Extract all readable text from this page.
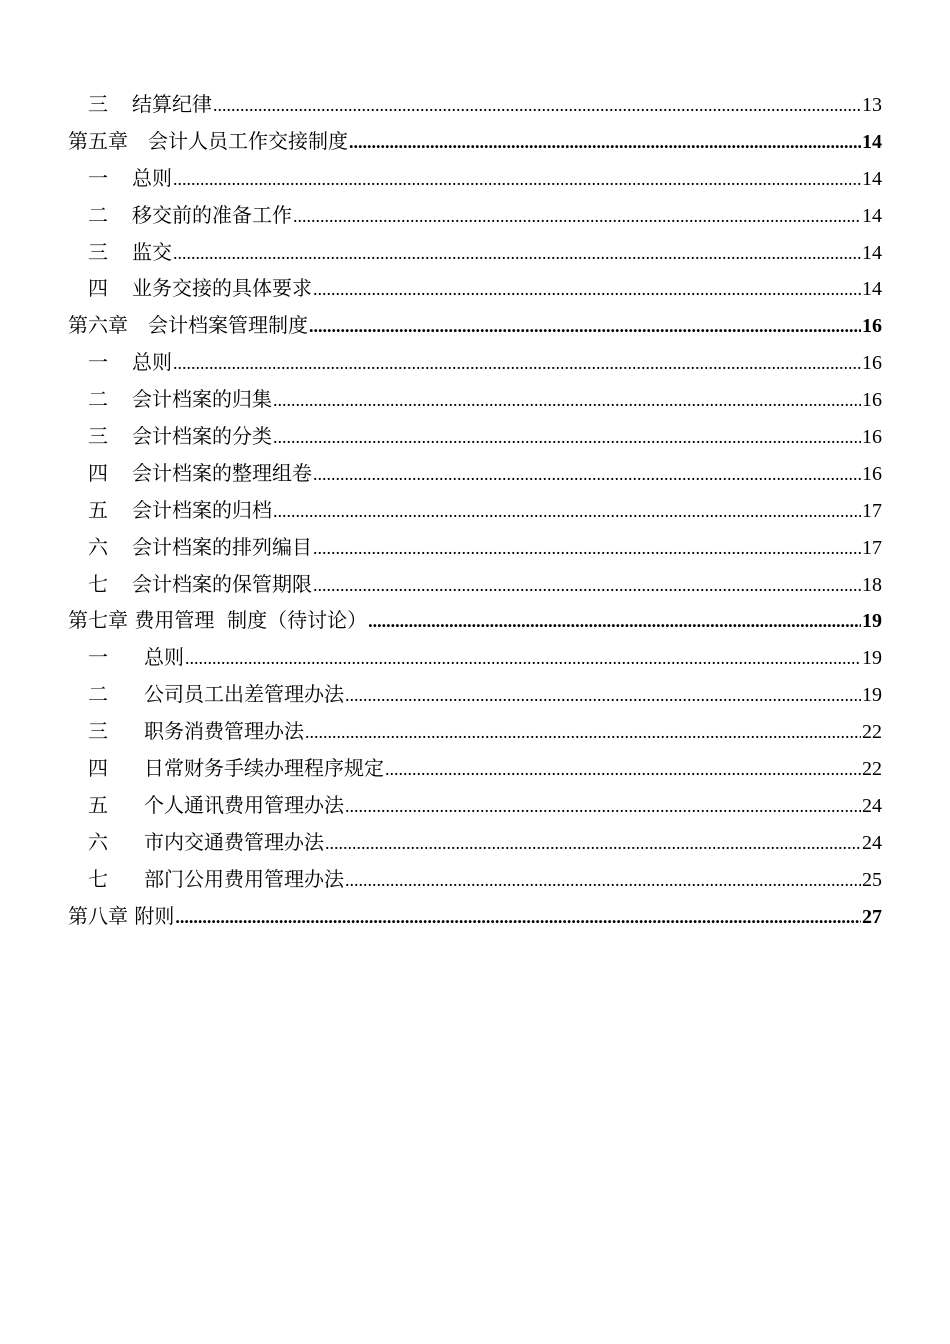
三	结算纪律 .....	13
第五章　会计人员工作交接制度 .....	14
一	总则 .....	14
二	移交前的准备工作 .....	14
三	监交 .....	14
四	业务交接的具体要求 .....	14
第六章　会计档案管理制度 .....	16
一	总则 .....	16
二	会计档案的归集 .....	16
三	会计档案的分类 .....	16
四	会计档案的整理组卷 .....	16
五	会计档案的归档 .....	17
六	会计档案的排列编目 .....	17
七	会计档案的保管期限 .....	18
第七章 费用管理  制度（待讨论） .....	19
一	总则 .....	19
二	公司员工出差管理办法 .....	19
三	职务消费管理办法 .....	22
四	日常财务手续办理程序规定 .....	22
五	个人通讯费用管理办法 .....	24
六	市内交通费管理办法 .....	24
七	部门公用费用管理办法 .....	25
第八章 附则 .....	27
